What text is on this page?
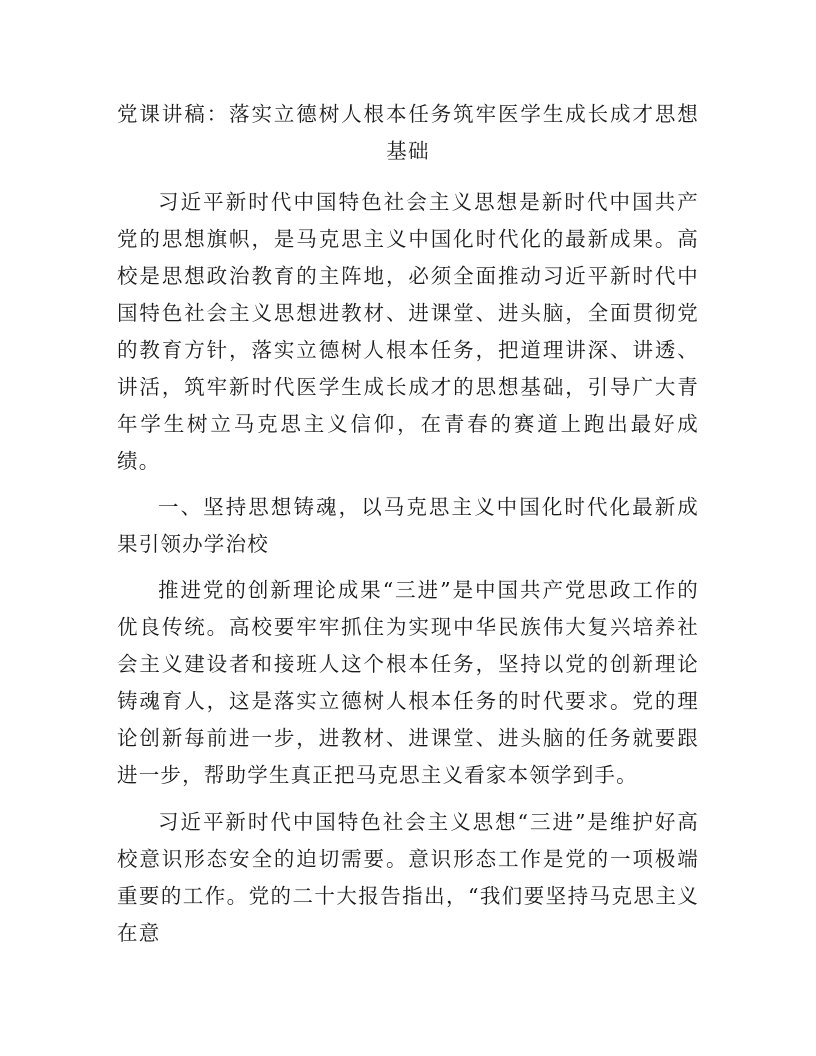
党课讲稿：落实立德树人根本任务筑牢医学生成长成才思想基础

习近平新时代中国特色社会主义思想是新时代中国共产党的思想旗帜，是马克思主义中国化时代化的最新成果。高校是思想政治教育的主阵地，必须全面推动习近平新时代中国特色社会主义思想进教材、进课堂、进头脑，全面贯彻党的教育方针，落实立德树人根本任务，把道理讲深、讲透、讲活，筑牢新时代医学生成长成才的思想基础，引导广大青年学生树立马克思主义信仰，在青春的赛道上跑出最好成绩。

一、坚持思想铸魂，以马克思主义中国化时代化最新成果引领办学治校

推进党的创新理论成果“三进”是中国共产党思政工作的优良传统。高校要牢牢抓住为实现中华民族伟大复兴培养社会主义建设者和接班人这个根本任务，坚持以党的创新理论铸魂育人，这是落实立德树人根本任务的时代要求。党的理论创新每前进一步，进教材、进课堂、进头脑的任务就要跟进一步，帮助学生真正把马克思主义看家本领学到手。

习近平新时代中国特色社会主义思想“三进”是维护好高校意识形态安全的迫切需要。意识形态工作是党的一项极端重要的工作。党的二十大报告指出，“我们要坚持马克思主义在意
